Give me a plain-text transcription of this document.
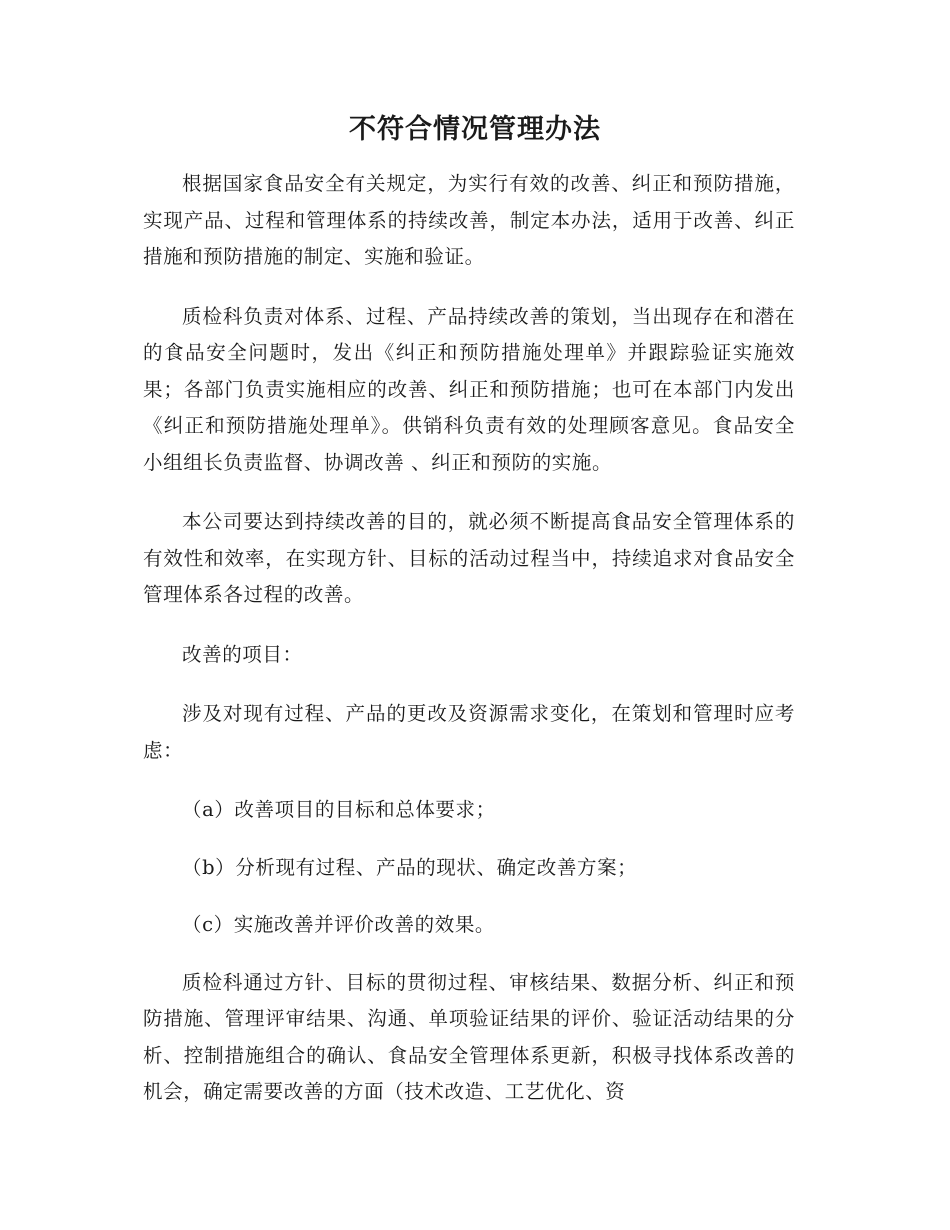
不符合情况管理办法

根据国家食品安全有关规定，为实行有效的改善、纠正和预防措施，实现产品、过程和管理体系的持续改善，制定本办法，适用于改善、纠正措施和预防措施的制定、实施和验证。

质检科负责对体系、过程、产品持续改善的策划，当出现存在和潜在的食品安全问题时，发出《纠正和预防措施处理单》并跟踪验证实施效果；各部门负责实施相应的改善、纠正和预防措施；也可在本部门内发出《纠正和预防措施处理单》。供销科负责有效的处理顾客意见。食品安全小组组长负责监督、协调改善 、纠正和预防的实施。

本公司要达到持续改善的目的，就必须不断提高食品安全管理体系的有效性和效率，在实现方针、目标的活动过程当中，持续追求对食品安全管理体系各过程的改善。

改善的项目：

涉及对现有过程、产品的更改及资源需求变化，在策划和管理时应考虑：

（a）改善项目的目标和总体要求；

（b）分析现有过程、产品的现状、确定改善方案；

（c）实施改善并评价改善的效果。

质检科通过方针、目标的贯彻过程、审核结果、数据分析、纠正和预防措施、管理评审结果、沟通、单项验证结果的评价、验证活动结果的分析、控制措施组合的确认、食品安全管理体系更新，积极寻找体系改善的机会，确定需要改善的方面（技术改造、工艺优化、资
